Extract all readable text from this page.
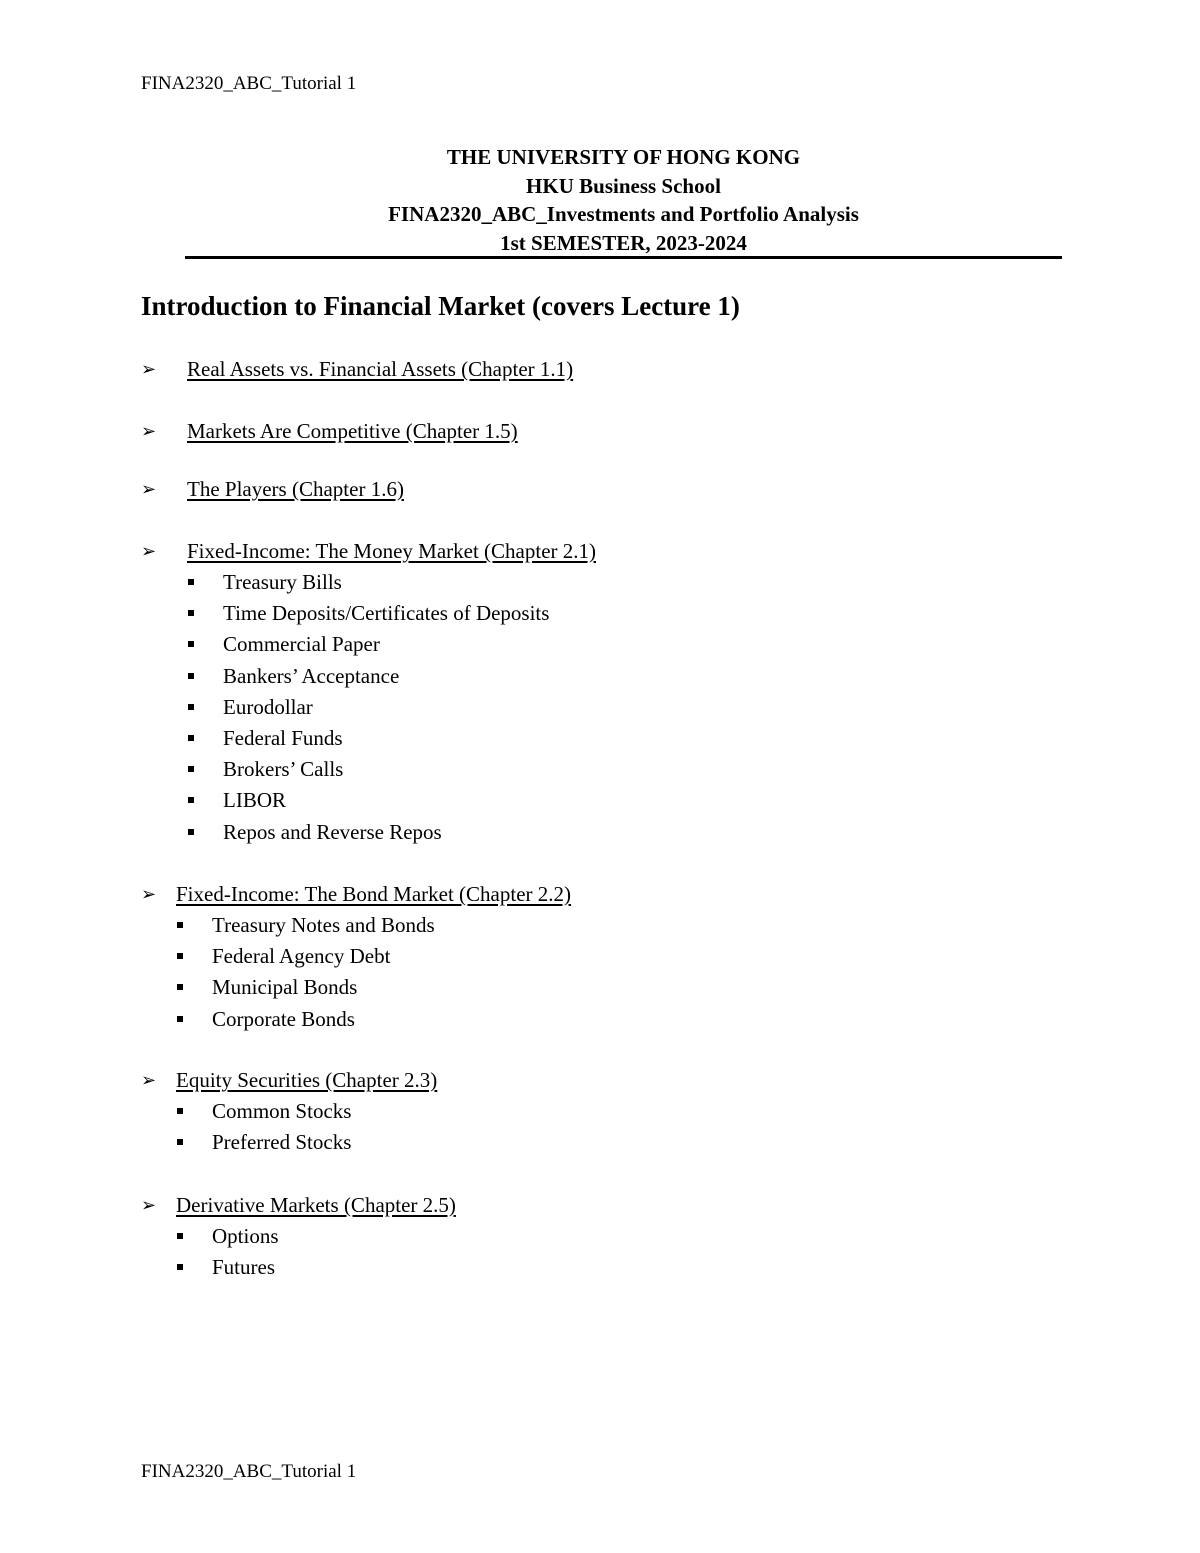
FINA2320_ABC_Tutorial 1
THE UNIVERSITY OF HONG KONG
HKU Business School
FINA2320_ABC_Investments and Portfolio Analysis
1st SEMESTER, 2023-2024
Introduction to Financial Market (covers Lecture 1)
➢	Real Assets vs. Financial Assets (Chapter 1.1)
➢	Markets Are Competitive (Chapter 1.5)
➢	The Players (Chapter 1.6)
➢	Fixed-Income: The Money Market (Chapter 2.1)
Treasury Bills
Time Deposits/Certificates of Deposits
Commercial Paper
Bankers’ Acceptance
Eurodollar
Federal Funds
Brokers’ Calls
LIBOR
Repos and Reverse Repos
➢ Fixed-Income: The Bond Market (Chapter 2.2)
Treasury Notes and Bonds
Federal Agency Debt
Municipal Bonds
Corporate Bonds
➢ Equity Securities (Chapter 2.3)
Common Stocks
Preferred Stocks
➢ Derivative Markets (Chapter 2.5)
Options
Futures
FINA2320_ABC_Tutorial 1
